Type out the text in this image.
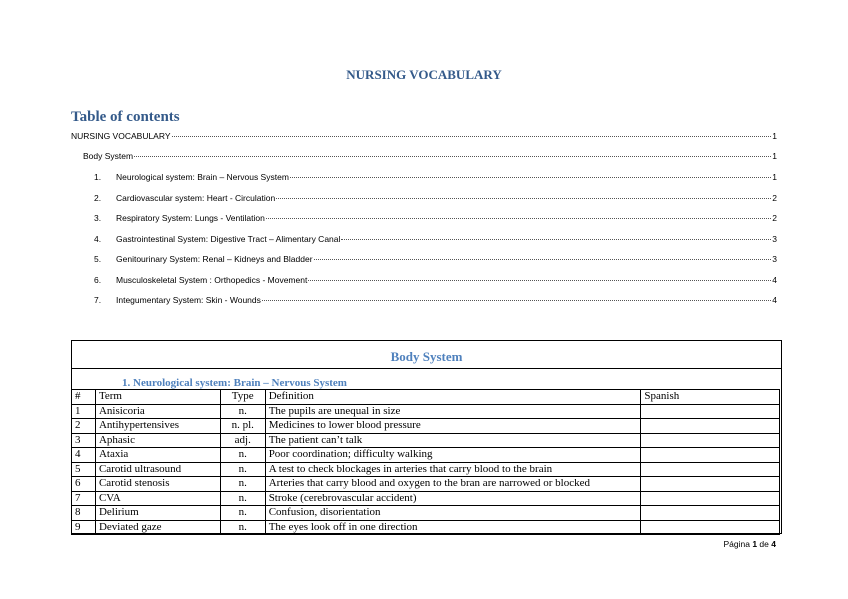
NURSING VOCABULARY
Table of contents
NURSING VOCABULARY	1
Body System	1
1.	Neurological system: Brain – Nervous System	1
2.	Cardiovascular system: Heart - Circulation	2
3.	Respiratory System: Lungs - Ventilation	2
4.	Gastrointestinal System: Digestive Tract – Alimentary Canal	3
5.	Genitourinary System: Renal – Kidneys and Bladder	3
6.	Musculoskeletal System : Orthopedics - Movement	4
7.	Integumentary System: Skin - Wounds	4
Body System
1. Neurological system: Brain – Nervous System
#	Term	Type	Definition	Spanish
1	Anisicoria	n.	The pupils are unequal in size	
2	Antihypertensives	n. pl.	Medicines to lower blood pressure	
3	Aphasic	adj.	The patient can’t talk	
4	Ataxia	n.	Poor coordination; difficulty walking	
5	Carotid ultrasound	n.	A test to check blockages in arteries that carry blood to the brain	
6	Carotid stenosis	n.	Arteries that carry blood and oxygen to the bran are narrowed or blocked	
7	CVA	n.	Stroke (cerebrovascular accident)	
8	Delirium	n.	Confusion, disorientation	
9	Deviated gaze	n.	The eyes look off in one direction	
Página 1 de 4
